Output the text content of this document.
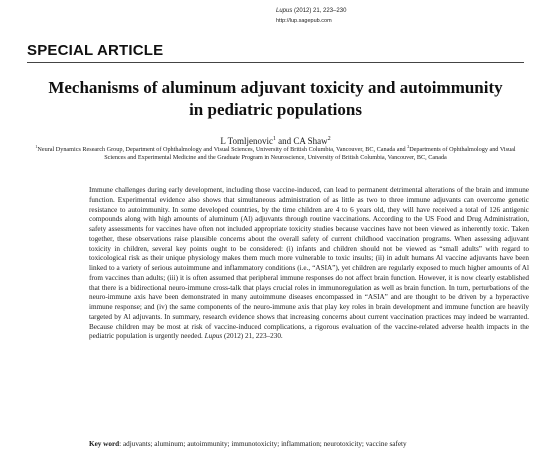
Lupus (2012) 21, 223–230
http://lup.sagepub.com
SPECIAL ARTICLE
Mechanisms of aluminum adjuvant toxicity and autoimmunity
in pediatric populations
L Tomljenovic$^1$ and CA Shaw$^2$
$^1$Neural Dynamics Research Group, Department of Ophthalmology and Visual Sciences, University of British Columbia, Vancouver, BC, Canada and $^2$Departments of Ophthalmology and Visual Sciences and Experimental Medicine and the Graduate Program in Neuroscience, University of British Columbia, Vancouver, BC, Canada
Immune challenges during early development, including those vaccine-induced, can lead to permanent detrimental alterations of the brain and immune function. Experimental evidence also shows that simultaneous administration of as little as two to three immune adjuvants can overcome genetic resistance to autoimmunity. In some developed countries, by the time children are 4 to 6 years old, they will have received a total of 126 antigenic compounds along with high amounts of aluminum (Al) adjuvants through routine vaccinations. According to the US Food and Drug Administration, safety assessments for vaccines have often not included appropriate toxicity studies because vaccines have not been viewed as inherently toxic. Taken together, these observations raise plausible concerns about the overall safety of current childhood vaccination programs. When assessing adjuvant toxicity in children, several key points ought to be considered: (i) infants and children should not be viewed as “small adults” with regard to toxicological risk as their unique physiology makes them much more vulnerable to toxic insults; (ii) in adult humans Al vaccine adjuvants have been linked to a variety of serious autoimmune and inflammatory conditions (i.e., “ASIA”), yet children are regularly exposed to much higher amounts of Al from vaccines than adults; (iii) it is often assumed that peripheral immune responses do not affect brain function. However, it is now clearly established that there is a bidirectional neuro-immune cross-talk that plays crucial roles in immunoregulation as well as brain function. In turn, perturbations of the neuro-immune axis have been demonstrated in many autoimmune diseases encompassed in “ASIA” and are thought to be driven by a hyperactive immune response; and (iv) the same components of the neuro-immune axis that play key roles in brain development and immune function are heavily targeted by Al adjuvants. In summary, research evidence shows that increasing concerns about current vaccination practices may indeed be warranted. Because children may be most at risk of vaccine-induced complications, a rigorous evaluation of the vaccine-related adverse health impacts in the pediatric population is urgently needed. Lupus (2012) 21, 223–230.
Key word: adjuvants; aluminum; autoimmunity; immunotoxicity; inflammation; neurotoxicity; vaccine safety
